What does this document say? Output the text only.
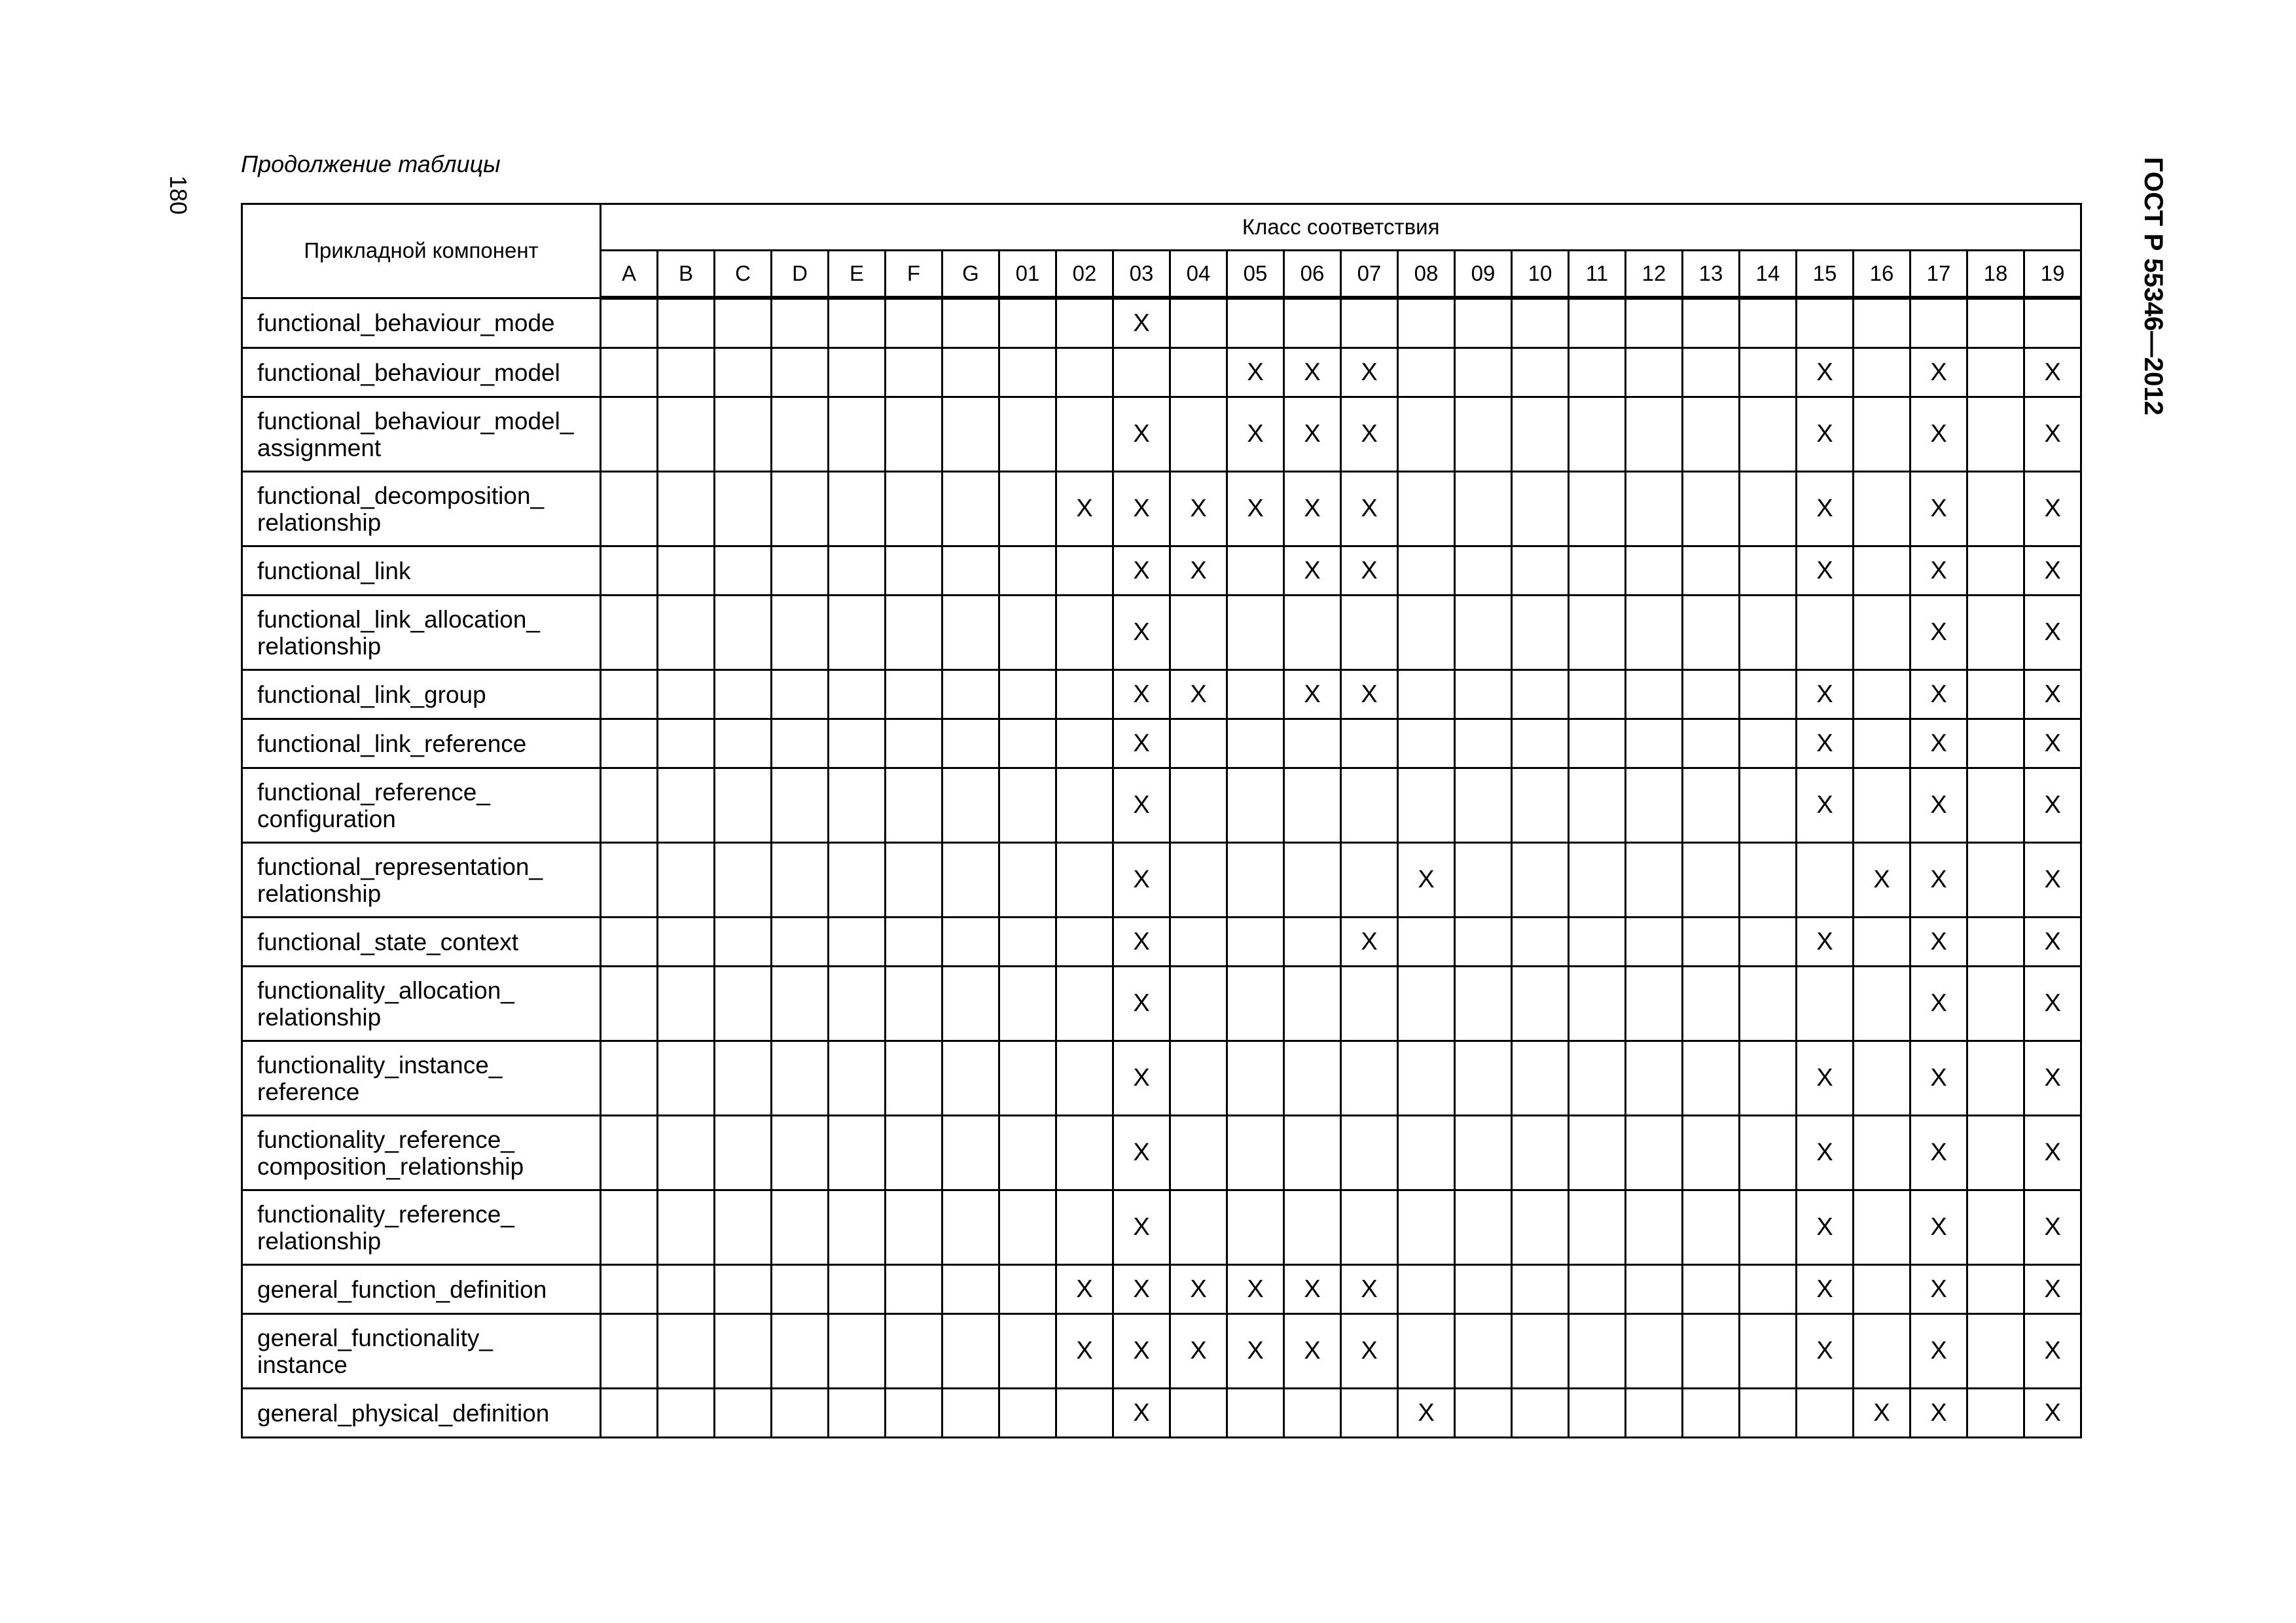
180
Продолжение таблицы	ГОСТ Р 55346—2012
Прикладной компонент	Класс соответствия																									
	A	B	C	D	E	F	G	01	02	03	04	05	06	07	08	09	10	11	12	13	14	15	16	17	18	19
functional_behaviour_mode										X																
functional_behaviour_model												X	X	X								X		X		X
functional_behaviour_model_
assignment										X		X	X	X								X		X		X
functional_decomposition_
relationship									X	X	X	X	X	X								X		X		X
functional_link										X	X		X	X								X		X		X
functional_link_allocation_
relationship										X														X		X
functional_link_group										X	X		X	X								X		X		X
functional_link_reference										X												X		X		X
functional_reference_
configuration										X												X		X		X
functional_representation_
relationship										X					X								X	X		X
functional_state_context										X				X								X		X		X
functionality_allocation_
relationship										X														X		X
functionality_instance_
reference										X												X		X		X
functionality_reference_
composition_relationship										X												X		X		X
functionality_reference_
relationship										X												X		X		X
general_function_definition									X	X	X	X	X	X								X		X		X
general_functionality_
instance									X	X	X	X	X	X								X		X		X
general_physical_definition										X					X								X	X		X
